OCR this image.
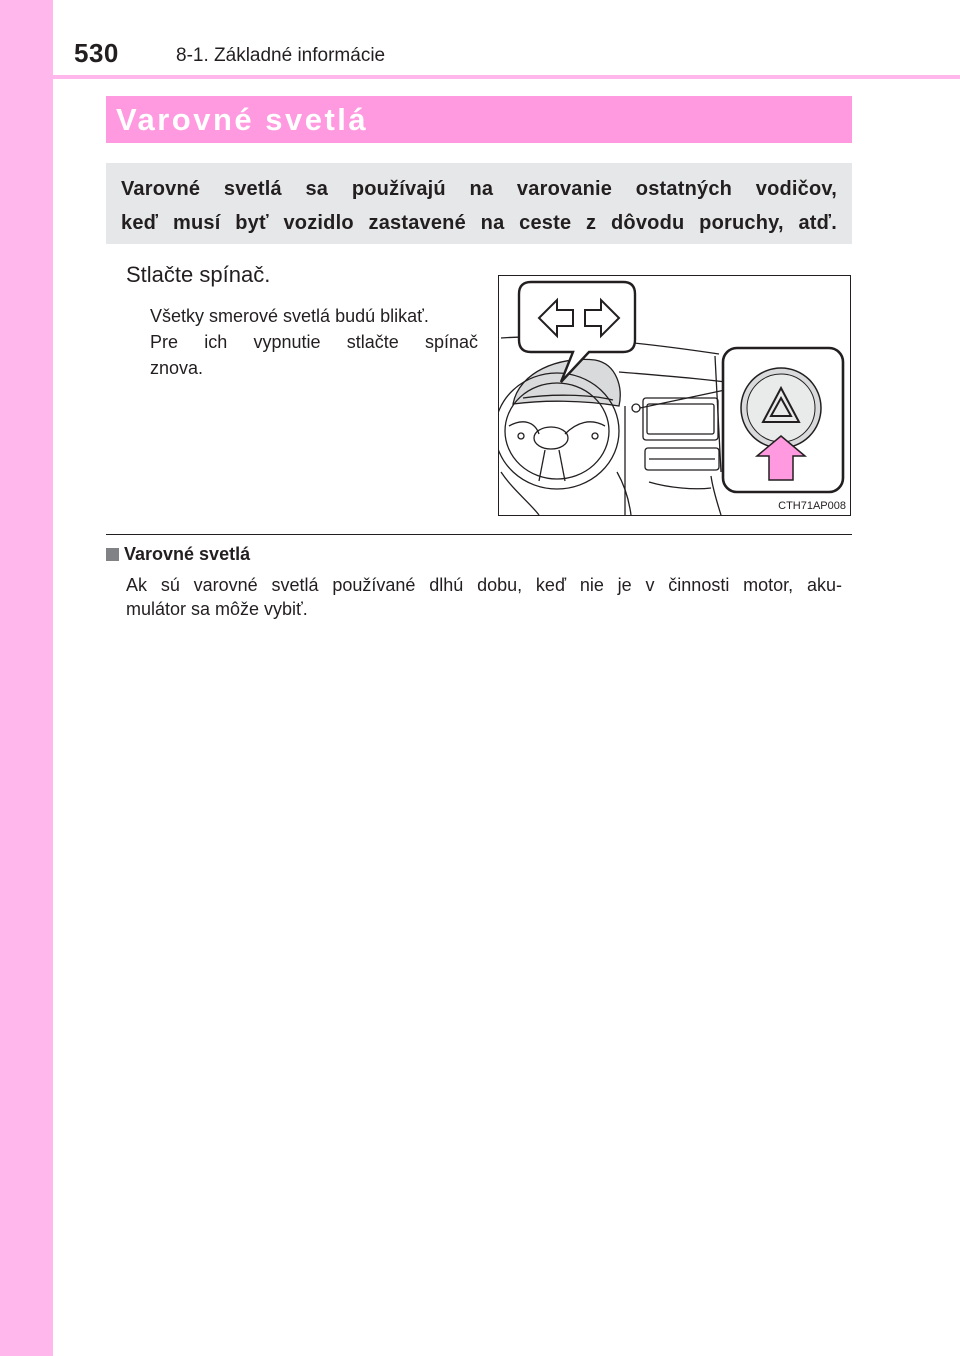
530	8-1. Základné informácie
Varovné svetlá
Varovné svetlá sa používajú na varovanie ostatných vodičov,
keď musí byť vozidlo zastavené na ceste z dôvodu poruchy, atď.
Stlačte spínač.
Všetky smerové svetlá budú blikať.
Pre ich vypnutie stlačte spínač
znova.
CTH71AP008
Varovné svetlá
Ak sú varovné svetlá používané dlhú dobu, keď nie je v činnosti motor, aku-
mulátor sa môže vybiť.
